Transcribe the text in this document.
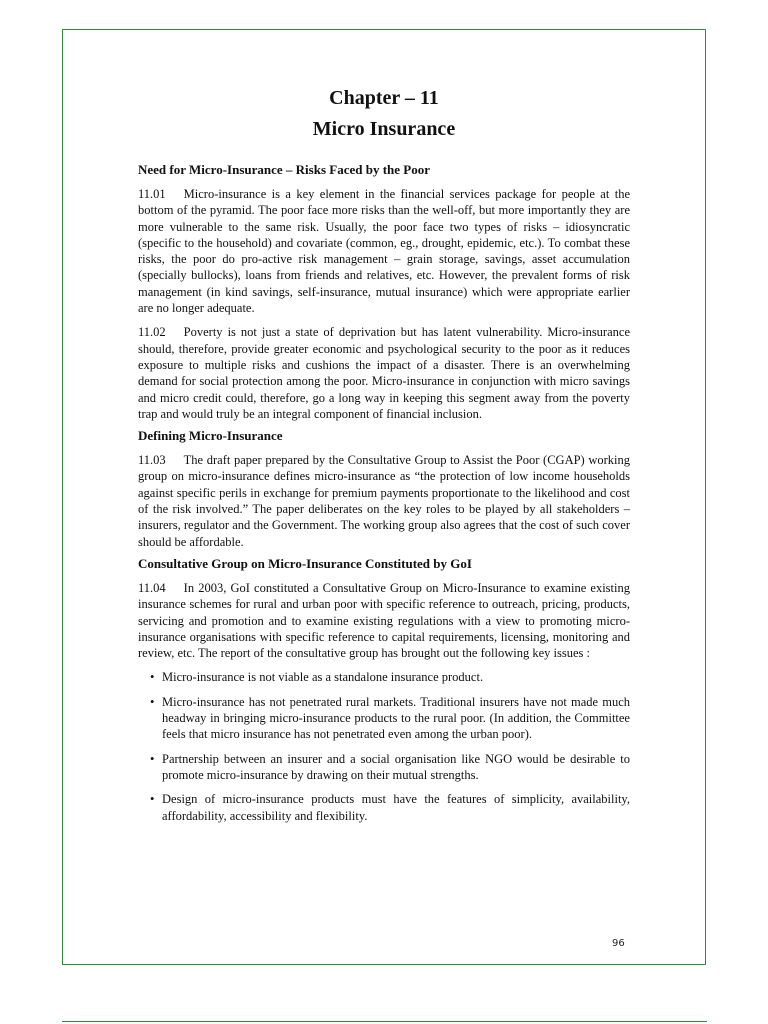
Chapter – 11
Micro Insurance
Need for Micro-Insurance – Risks Faced by the Poor

11.01 Micro-insurance is a key element in the financial services package for people at the bottom of the pyramid. The poor face more risks than the well-off, but more importantly they are more vulnerable to the same risk. Usually, the poor face two types of risks – idiosyncratic (specific to the household) and covariate (common, eg., drought, epidemic, etc.). To combat these risks, the poor do pro-active risk management – grain storage, savings, asset accumulation (specially bullocks), loans from friends and relatives, etc. However, the prevalent forms of risk management (in kind savings, self-insurance, mutual insurance) which were appropriate earlier are no longer adequate.

11.02 Poverty is not just a state of deprivation but has latent vulnerability. Micro-insurance should, therefore, provide greater economic and psychological security to the poor as it reduces exposure to multiple risks and cushions the impact of a disaster. There is an overwhelming demand for social protection among the poor. Micro-insurance in conjunction with micro savings and micro credit could, therefore, go a long way in keeping this segment away from the poverty trap and would truly be an integral component of financial inclusion.

Defining Micro-Insurance

11.03 The draft paper prepared by the Consultative Group to Assist the Poor (CGAP) working group on micro-insurance defines micro-insurance as “the protection of low income households against specific perils in exchange for premium payments proportionate to the likelihood and cost of the risk involved.” The paper deliberates on the key roles to be played by all stakeholders – insurers, regulator and the Government. The working group also agrees that the cost of such cover should be affordable.

Consultative Group on Micro-Insurance Constituted by GoI

11.04 In 2003, GoI constituted a Consultative Group on Micro-Insurance to examine existing insurance schemes for rural and urban poor with specific reference to outreach, pricing, products, servicing and promotion and to examine existing regulations with a view to promoting micro-insurance organisations with specific reference to capital requirements, licensing, monitoring and review, etc. The report of the consultative group has brought out the following key issues :

• Micro-insurance is not viable as a standalone insurance product.
• Micro-insurance has not penetrated rural markets. Traditional insurers have not made much headway in bringing micro-insurance products to the rural poor. (In addition, the Committee feels that micro insurance has not penetrated even among the urban poor).
• Partnership between an insurer and a social organisation like NGO would be desirable to promote micro-insurance by drawing on their mutual strengths.
• Design of micro-insurance products must have the features of simplicity, availability, affordability, accessibility and flexibility.
96
